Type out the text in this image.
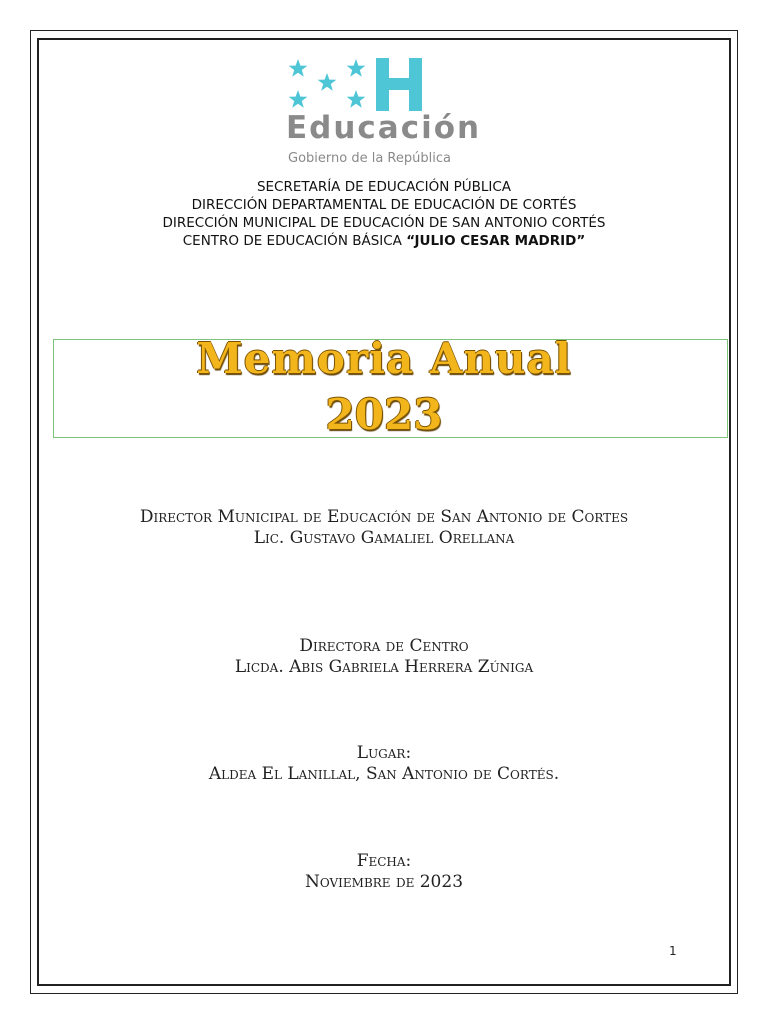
Educación
Gobierno de la República
SECRETARÍA DE EDUCACIÓN PÚBLICA
DIRECCIÓN DEPARTAMENTAL DE EDUCACIÓN DE CORTÉS
DIRECCIÓN MUNICIPAL DE EDUCACIÓN DE SAN ANTONIO CORTÉS
CENTRO DE EDUCACIÓN BÁSICA “JULIO CESAR MADRID”
Memoria Anual
2023
Director Municipal de Educación de San Antonio de Cortes
Lic. Gustavo Gamaliel Orellana
Directora de Centro
Licda. Abis Gabriela Herrera Zúniga
Lugar:
Aldea El Lanillal, San Antonio de Cortés.
Fecha:
Noviembre de 2023
1
